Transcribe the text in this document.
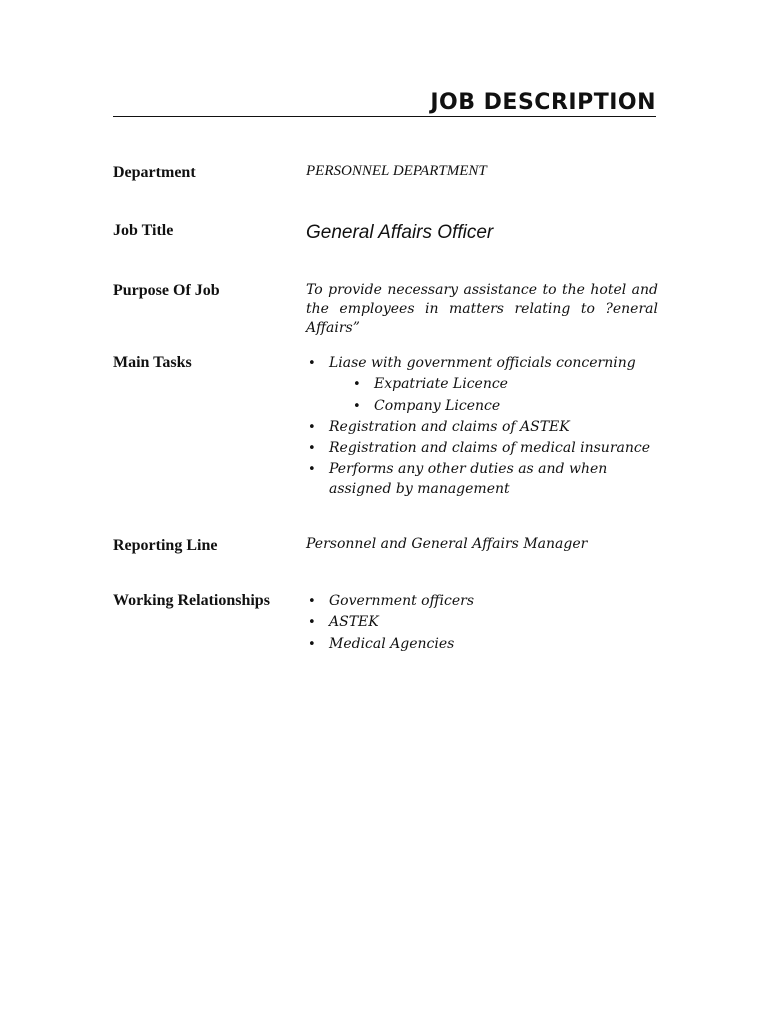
JOB DESCRIPTION
Department	PERSONNEL DEPARTMENT
Job Title	General Affairs Officer
Purpose Of Job	To provide necessary assistance to the hotel and the employees in matters relating to ?eneral Affairs”
Main Tasks	• Liase with government officials concerning
• Expatriate Licence
• Company Licence
• Registration and claims of ASTEK
• Registration and claims of medical insurance
• Performs any other duties as and when assigned by management
Reporting Line	Personnel and General Affairs Manager
Working Relationships	• Government officers
• ASTEK
• Medical Agencies
